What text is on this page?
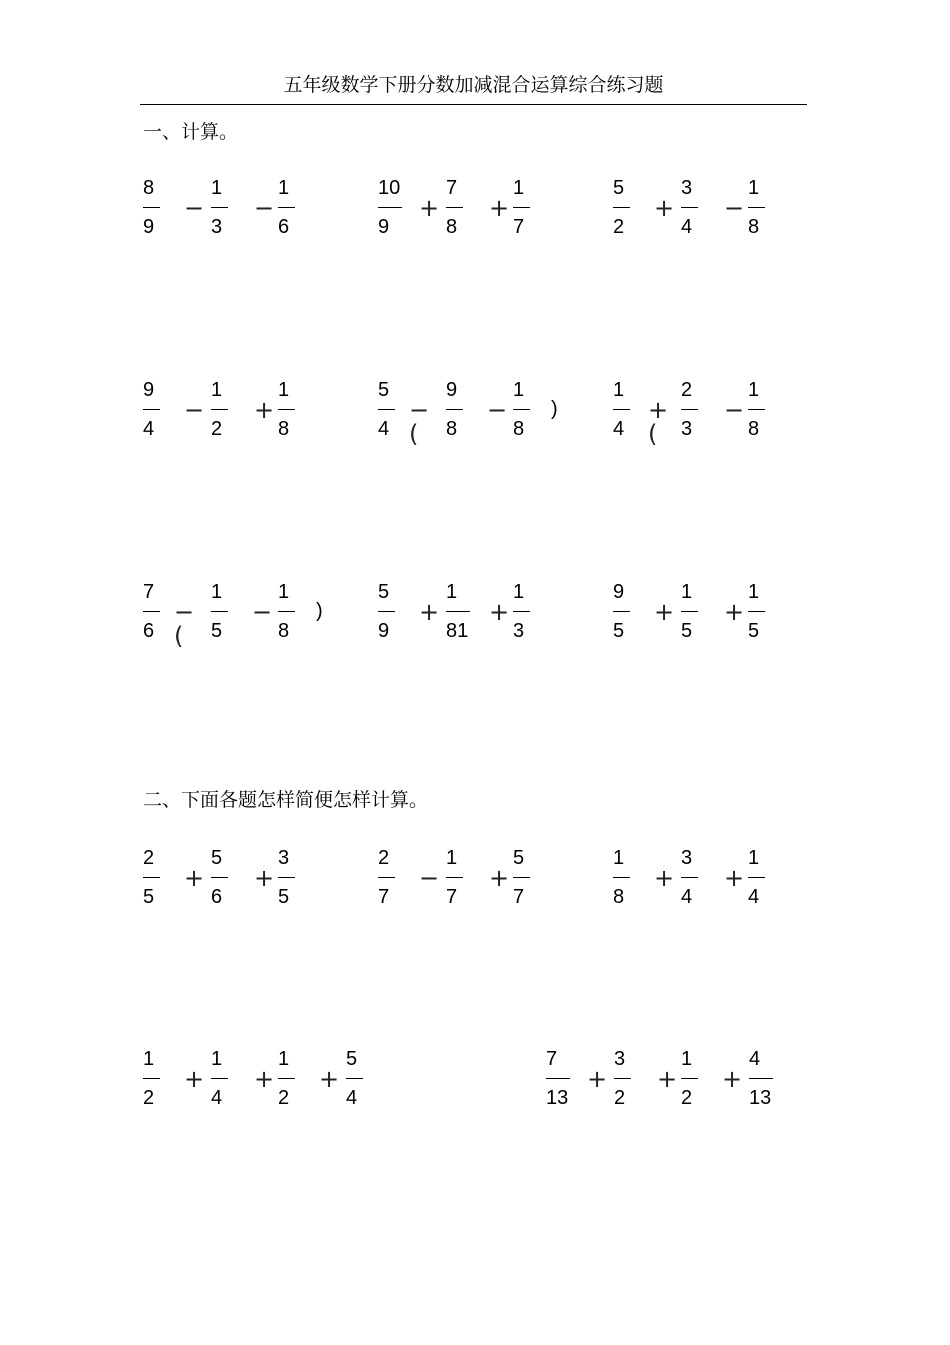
五年级数学下册分数加减混合运算综合练习题
一、计算。
二、下面各题怎样简便怎样计算。
8
9
−
1
3
−
1
6
10
9
+
7
8
+
1
7
5
2
+
3
4
−
1
8
9
4
−
1
2
+
1
8
5
4
−(
9
8
−
1
8
)
1
4
+(
2
3
−
1
8
7
6
−(
1
5
−
1
8
)
5
9
+
1
81
+
1
3
9
5
+
1
5
+
1
5
2
5
+
5
6
+
3
5
2
7
−
1
7
+
5
7
1
8
+
3
4
+
1
4
1
2
+
1
4
+
1
2
+
5
4
7
13
+
3
2
+
1
2
+
4
13
